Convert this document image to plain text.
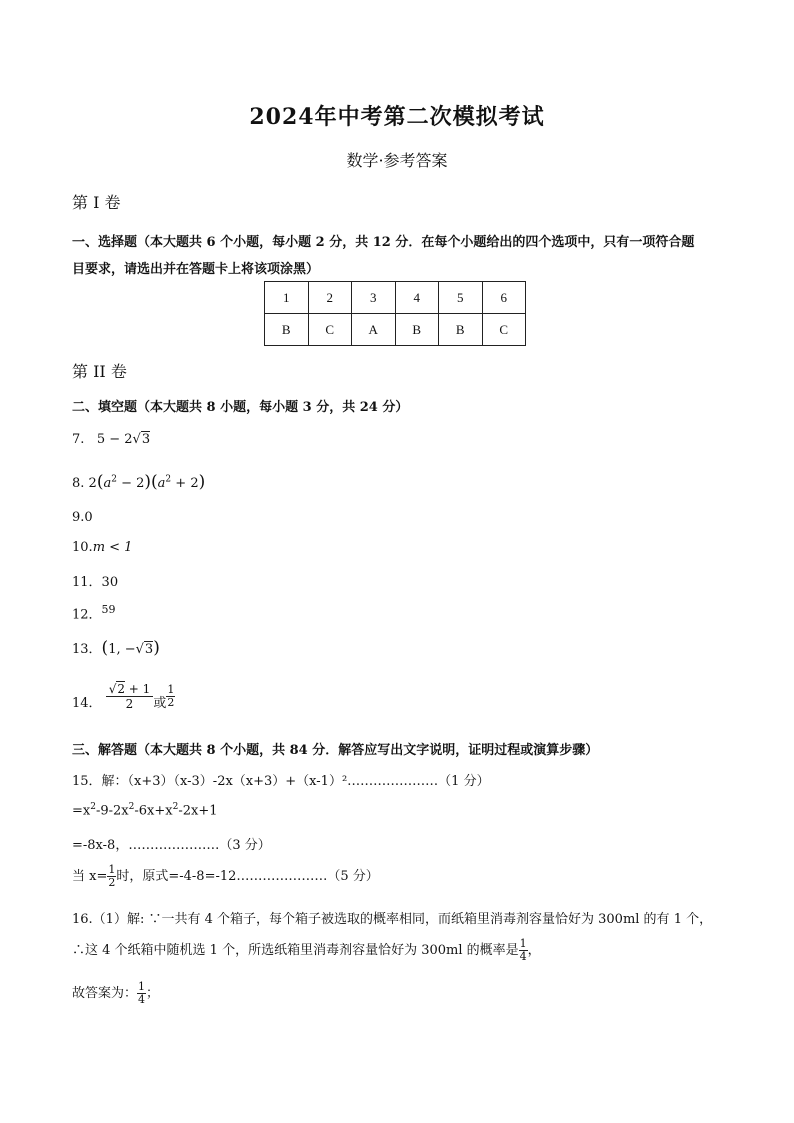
2024年中考第二次模拟考试
数学·参考答案
第 I 卷
一、选择题（本大题共 6 个小题，每小题 2 分，共 12 分．在每个小题给出的四个选项中，只有一项符合题
目要求，请选出并在答题卡上将该项涂黑）
1	2	3	4	5	6
B	C	A	B	B	C
第 II 卷
二、填空题（本大题共 8 小题，每小题 3 分，共 24 分）
7. 5 − 2√3
8. $2(a^2 - 2)(a^2 + 2)$
9.0
10.m < 1
11．30
12．$^{59}$
13．(1, −√3)
14． $\frac{√2 + 1}{2}$ 或 $\frac{1}{2}$
三、解答题（本大题共 8 个小题，共 84 分．解答应写出文字说明，证明过程或演算步骤）
15．解：（x+3）（x-3）-2x（x+3）+（x-1）²…………………（1 分）
$=x^2-9-2x^2-6x+x^2-2x+1$
=-8x-8，…………………（3 分）
当 $x= \frac{1}{2}$ 时，原式=-4-8=-12…………………（5 分）
16.（1）解: ∵一共有 4 个箱子，每个箱子被选取的概率相同，而纸箱里消毒剂容量恰好为 300ml 的有 1 个，
∴这 4 个纸箱中随机选 1 个，所选纸箱里消毒剂容量恰好为 300ml 的概率是 $\frac{1}{4}$ ，
故答案为： $\frac{1}{4}$ ；
